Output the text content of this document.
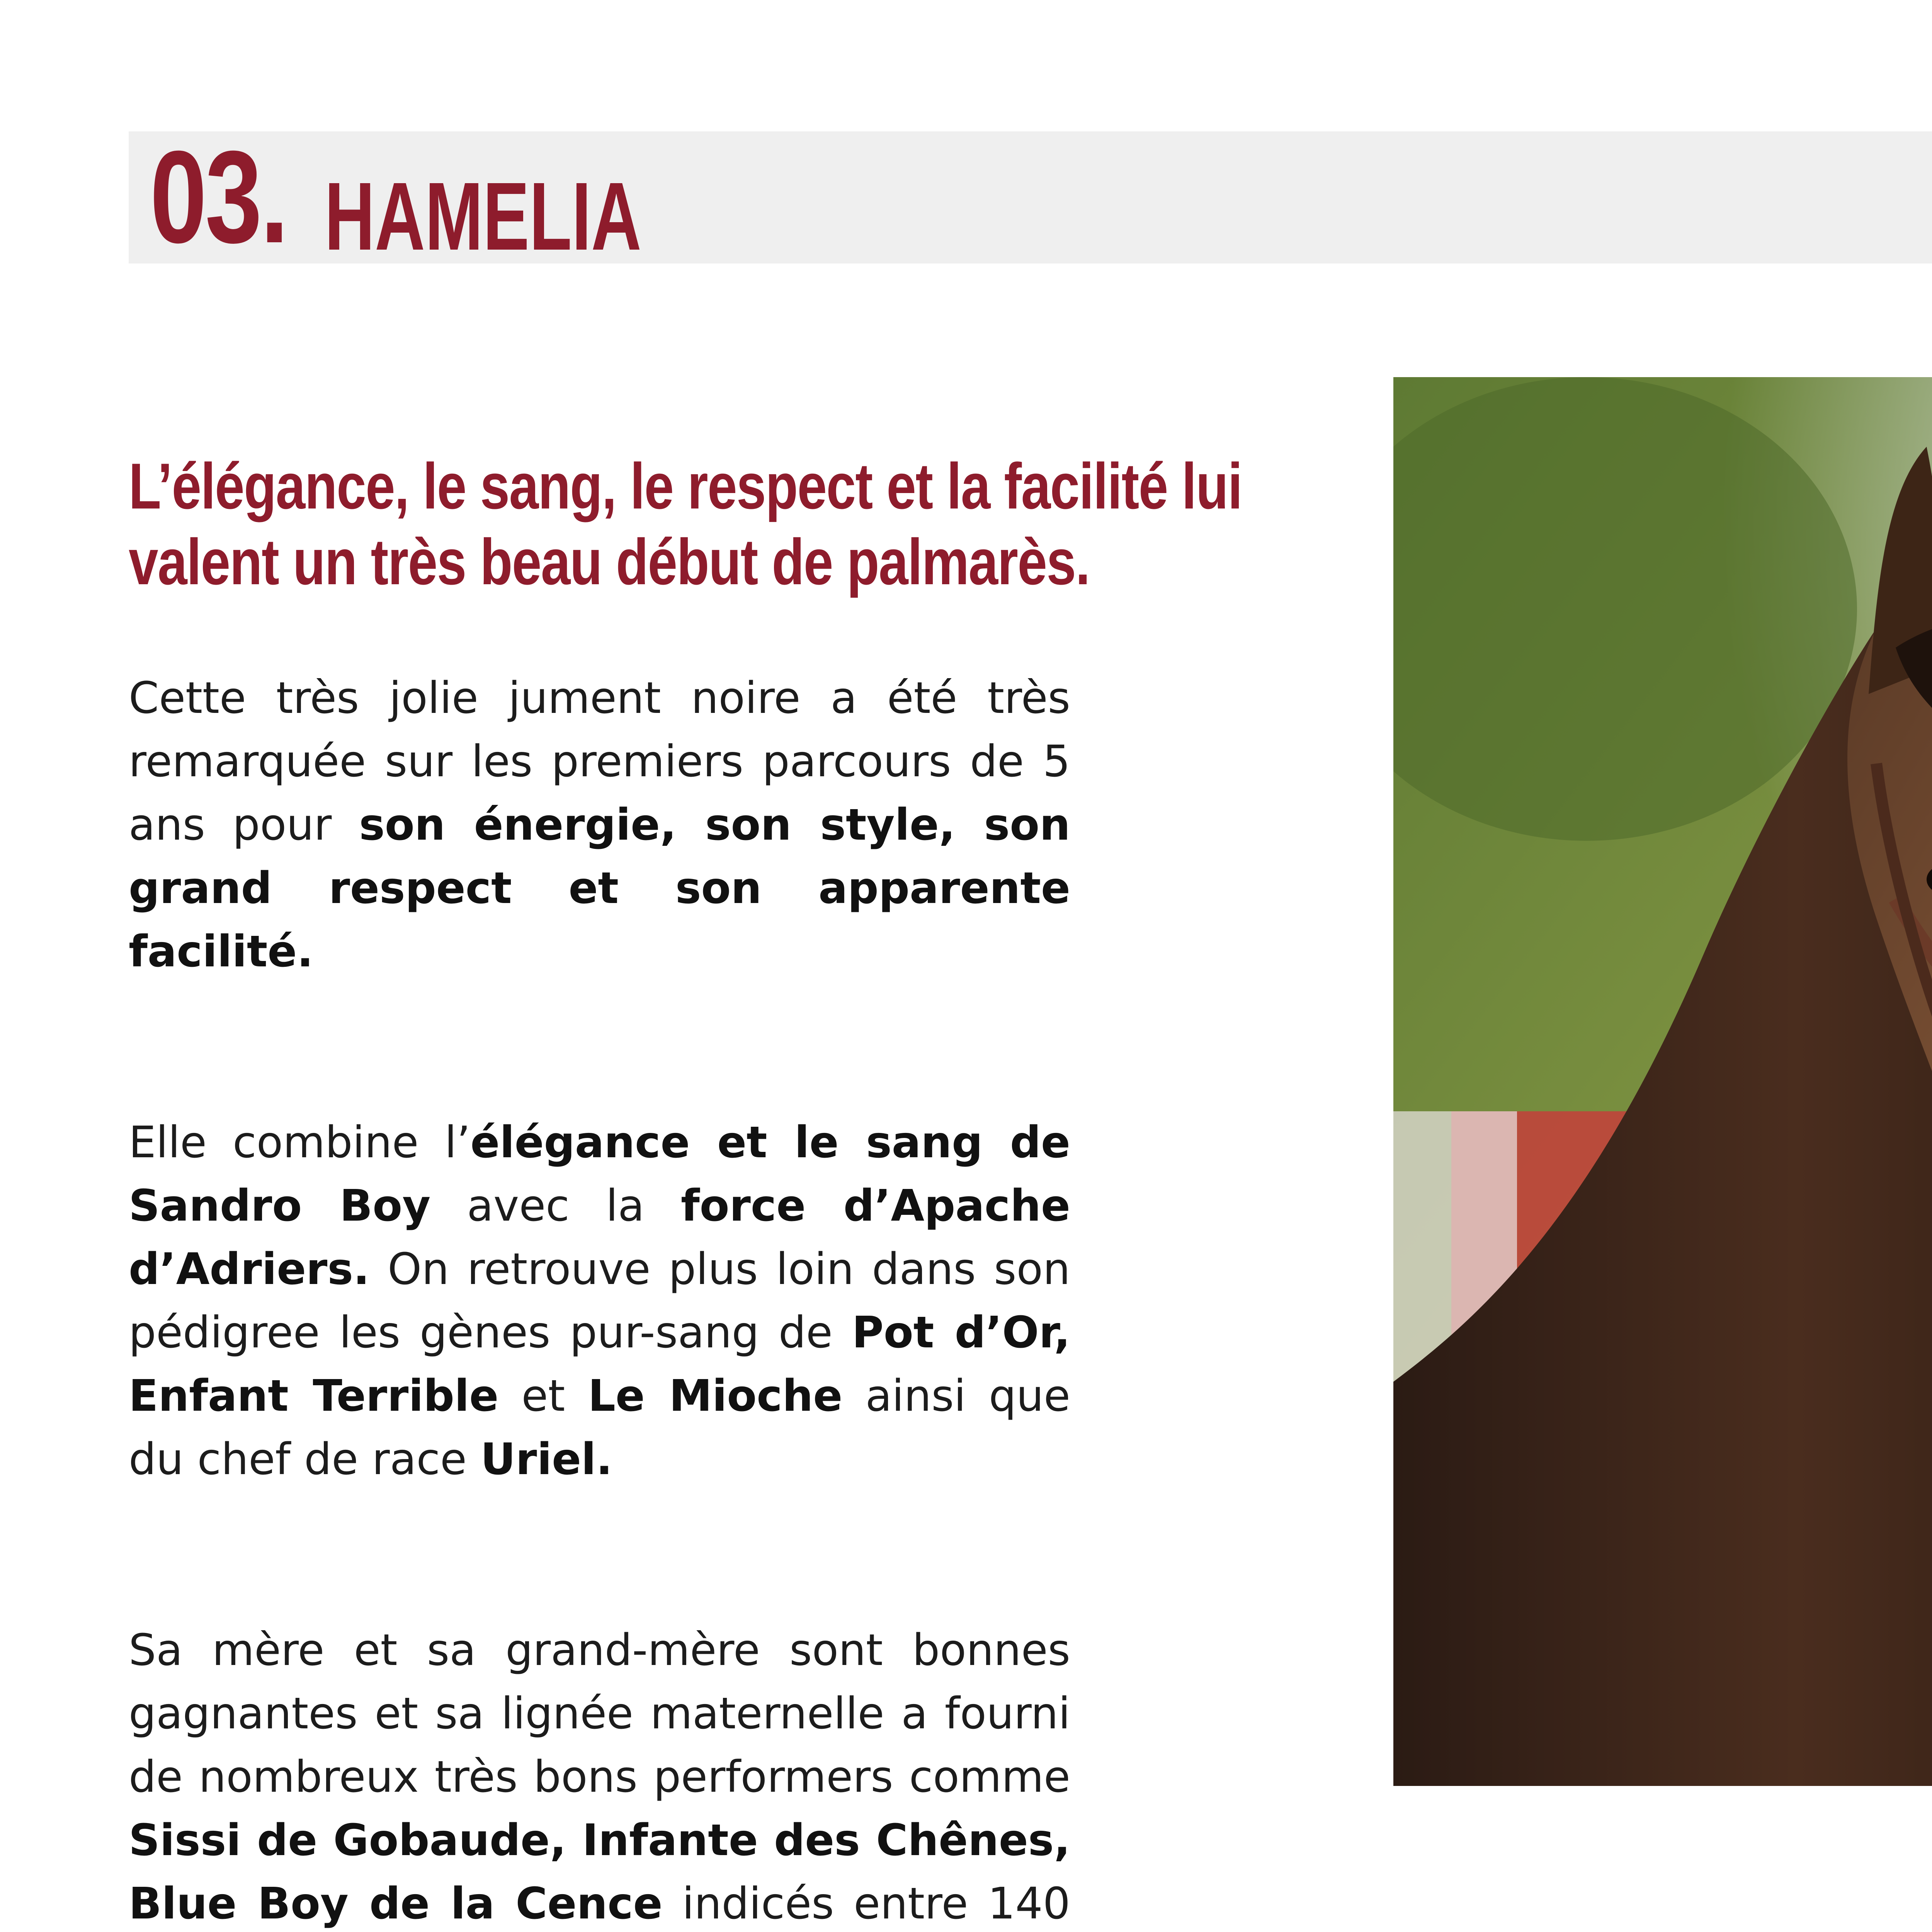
03. HAMELIA
L’élégance, le sang, le respect et la facilité lui
valent un très beau début de palmarès.

Cette très jolie jument noire a été très remarquée sur les premiers parcours de 5 ans pour son énergie, son style, son grand respect et son apparente facilité.

Elle combine l’élégance et le sang de Sandro Boy avec la force d’Apache d’Adriers. On retrouve plus loin dans son pédigree les gènes pur-sang de Pot d’Or, Enfant Terrible et Le Mioche ainsi que du chef de race Uriel.

Sa mère et sa grand-mère sont bonnes gagnantes et sa lignée maternelle a fourni de nombreux très bons performers comme Sissi de Gobaude, Infante des Chênes, Blue Boy de la Cence indicés entre 140
